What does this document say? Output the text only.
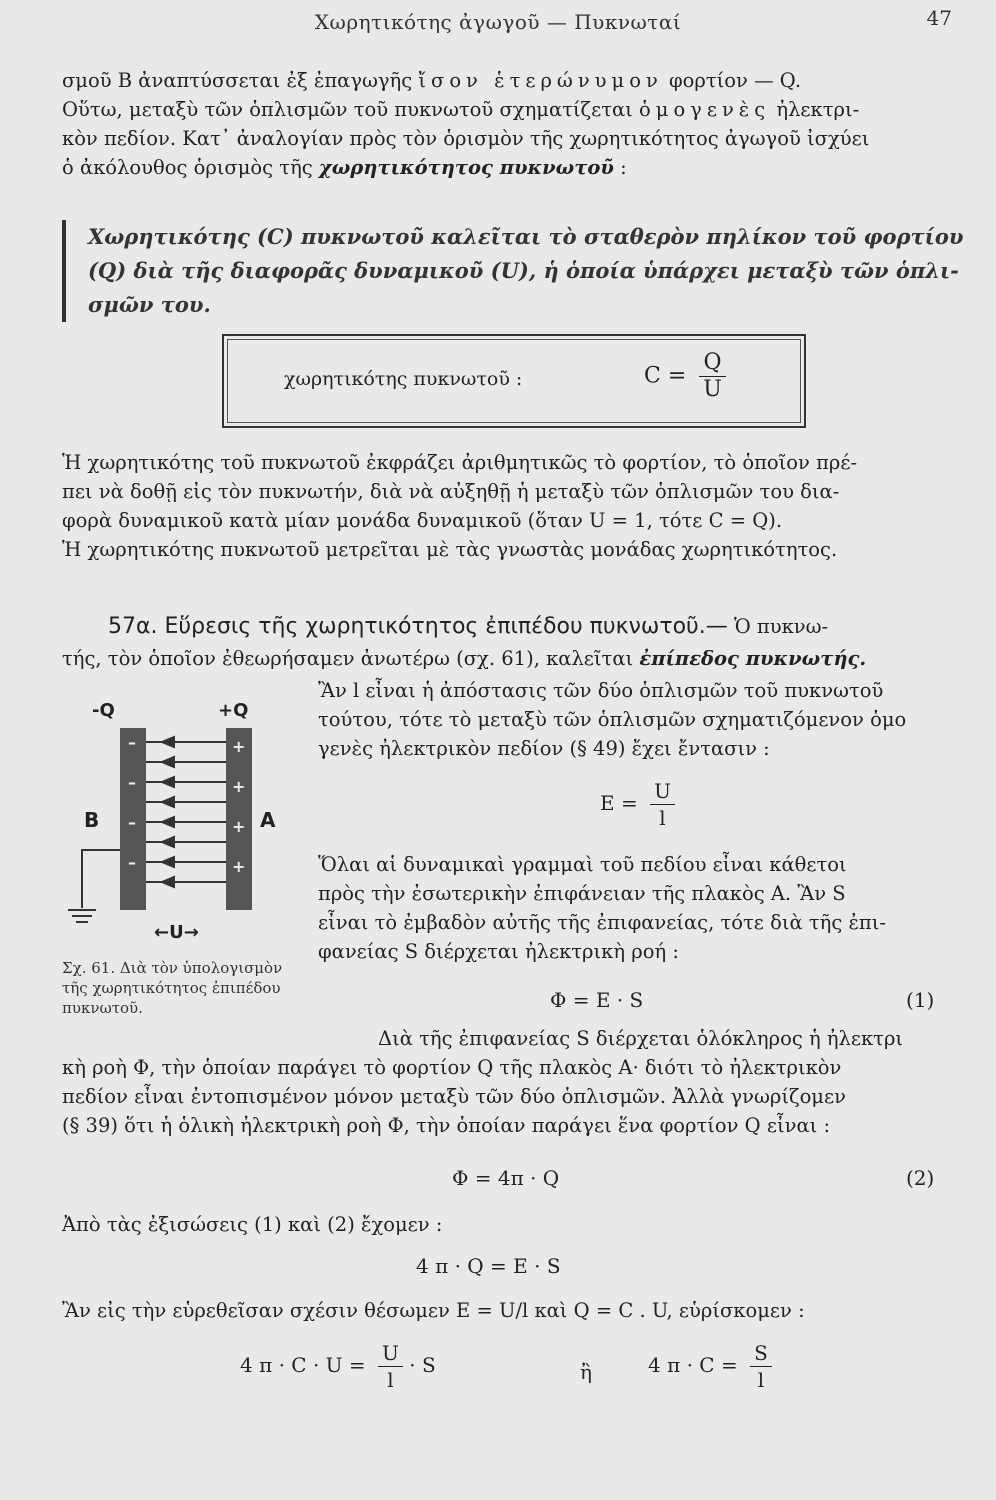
Χωρητικότης ἀγωγοῦ — Πυκνωταί	47

σμοῦ Β ἀναπτύσσεται ἐξ ἐπαγωγῆς ἴσον ἑτερώνυμον φορτίον — Q.

Οὕτω, μεταξὺ τῶν ὁπλισμῶν τοῦ πυκνωτοῦ σχηματίζεται ὁμογενὲς ἠλεκτρι-

κὸν πεδίον. Κατ᾽ ἀναλογίαν πρὸς τὸν ὁρισμὸν τῆς χωρητικότητος ἀγωγοῦ ἰσχύει

ὁ ἀκόλουθος ὁρισμὸς τῆς χωρητικότητος πυκνωτοῦ :

Χωρητικότης (C) πυκνωτοῦ καλεῖται τὸ σταθερὸν πηλίκον τοῦ φορτίου
(Q) διὰ τῆς διαφορᾶς δυναμικοῦ (U), ἡ ὁποία ὑπάρχει μεταξὺ τῶν ὁπλι-
σμῶν του.
χωρητικότης πυκνωτοῦ :	$C = \frac{Q}{U}$

Ἡ χωρητικότης τοῦ πυκνωτοῦ ἐκφράζει ἀριθμητικῶς τὸ φορτίον, τὸ ὁποῖον πρέ-

πει νὰ δοθῇ εἰς τὸν πυκνωτήν, διὰ νὰ αὐξηθῇ ἡ μεταξὺ τῶν ὁπλισμῶν του δια-

φορὰ δυναμικοῦ κατὰ μίαν μονάδα δυναμικοῦ (ὅταν U = 1, τότε C = Q).

Ἡ χωρητικότης πυκνωτοῦ μετρεῖται μὲ τὰς γνωστὰς μονάδας χωρητικότητος.

57α. Εὕρεσις τῆς χωρητικότητος ἐπιπέδου πυκνωτοῦ.— Ὁ πυκνω-
τής, τὸν ὁποῖον ἐθεωρήσαμεν ἀνωτέρω (σχ. 61), καλεῖται ἐπίπεδος πυκνωτής.
–
–
–
–
+
+
+
+
-Q	+Q
B	A
←U→
Σχ. 61. Διὰ τὸν ὑπολογισμὸν τῆς χωρητικότητος ἐπιπέδου πυκνωτοῦ.
Ἂν l εἶναι ἡ ἀπόστασις τῶν δύο ὁπλισμῶν τοῦ πυκνωτοῦ
τούτου, τότε τὸ μεταξὺ τῶν ὁπλισμῶν σχηματιζόμενον ὁμο
γενὲς ἠλεκτρικὸν πεδίον (§ 49) ἔχει ἔντασιν :
$E = \frac{U}{l}$
Ὅλαι αἱ δυναμικαὶ γραμμαὶ τοῦ πεδίου εἶναι κάθετοι
πρὸς τὴν ἐσωτερικὴν ἐπιφάνειαν τῆς πλακὸς Α. Ἂν S
εἶναι τὸ ἐμβαδὸν αὐτῆς τῆς ἐπιφανείας, τότε διὰ τῆς ἐπι-
φανείας S διέρχεται ἠλεκτρικὴ ροή :
Φ = E · S	(1)
Διὰ τῆς ἐπιφανείας S διέρχεται ὁλόκληρος ἡ ἠλεκτρι

κὴ ροὴ Φ, τὴν ὁποίαν παράγει τὸ φορτίον Q τῆς πλακὸς Α· διότι τὸ ἠλεκτρικὸν

πεδίον εἶναι ἐντοπισμένον μόνον μεταξὺ τῶν δύο ὁπλισμῶν. Ἀλλὰ γνωρίζομεν

(§ 39) ὅτι ἡ ὁλικὴ ἠλεκτρικὴ ροὴ Φ, τὴν ὁποίαν παράγει ἕνα φορτίον Q εἶναι :

Φ = 4π · Q	(2)
Ἀπὸ τὰς ἐξισώσεις (1) καὶ (2) ἔχομεν :
4 π · Q = E · S
Ἂν εἰς τὴν εὑρεθεῖσαν σχέσιν θέσωμεν E = U/l καὶ Q = C . U, εὑρίσκομεν :
4 $\pi \cdot C \cdot U = \frac{U}{l} \cdot S$	ἢ	4 $\pi \cdot C = \frac{S}{l}$
